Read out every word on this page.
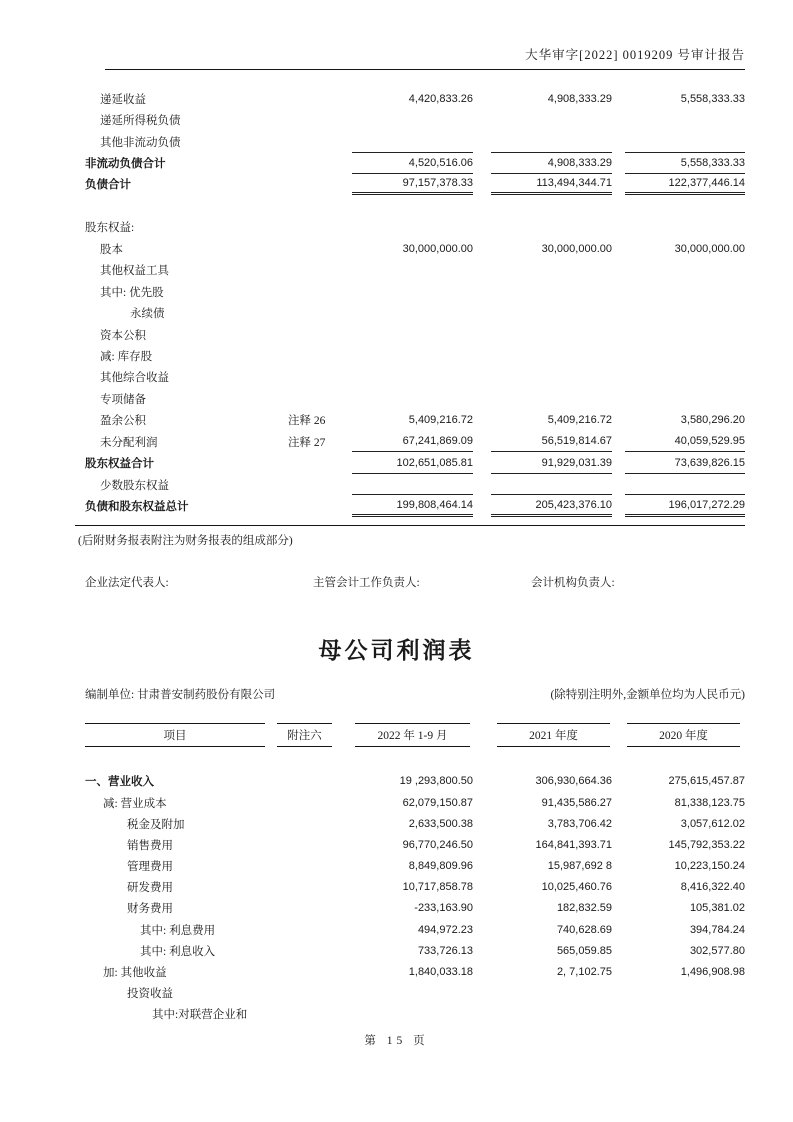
大华审字[2022] 0019209 号审计报告
递延收益	4,420,833.26	4,908,333.29	5,558,333.33
递延所得税负债
其他非流动负债
非流动负债合计	4,520,516.06	4,908,333.29	5,558,333.33
负债合计	97,157,378.33	113,494,344.71	122,377,446.14
股东权益:
股本	30,000,000.00	30,000,000.00	30,000,000.00
其他权益工具
其中: 优先股
永续债
资本公积
减: 库存股
其他综合收益
专项储备
盈余公积	注释 26	5,409,216.72	5,409,216.72	3,580,296.20
未分配利润	注释 27	67,241,869.09	56,519,814.67	40,059,529.95
股东权益合计	102,651,085.81	91,929,031.39	73,639,826.15
少数股东权益
负债和股东权益总计	199,808,464.14	205,423,376.10	196,017,272.29

(后附财务报表附注为财务报表的组成部分)

企业法定代表人:	主管会计工作负责人:	会计机构负责人:
母公司利润表
编制单位: 甘肃普安制药股份有限公司	(除特别注明外,金额单位均为人民币元)
项目	附注六	2022 年 1-9 月	2021 年度	2020 年度
一、营业收入	19 ,293,800.50	306,930,664.36	275,615,457.87
减: 营业成本	62,079,150.87	91,435,586.27	81,338,123.75
税金及附加	2,633,500.38	3,783,706.42	3,057,612.02
销售费用	96,770,246.50	164,841,393.71	145,792,353.22
管理费用	8,849,809.96	15,987,692 8	10,223,150.24
研发费用	10,717,858.78	10,025,460.76	8,416,322.40
财务费用	-233,163.90	182,832.59	105,381.02
其中: 利息费用	494,972.23	740,628.69	394,784.24
其中: 利息收入	733,726.13	565,059.85	302,577.80
加: 其他收益	1,840,033.18	2, 7,102.75	1,496,908.98
投资收益
其中:对联营企业和
第 15 页
